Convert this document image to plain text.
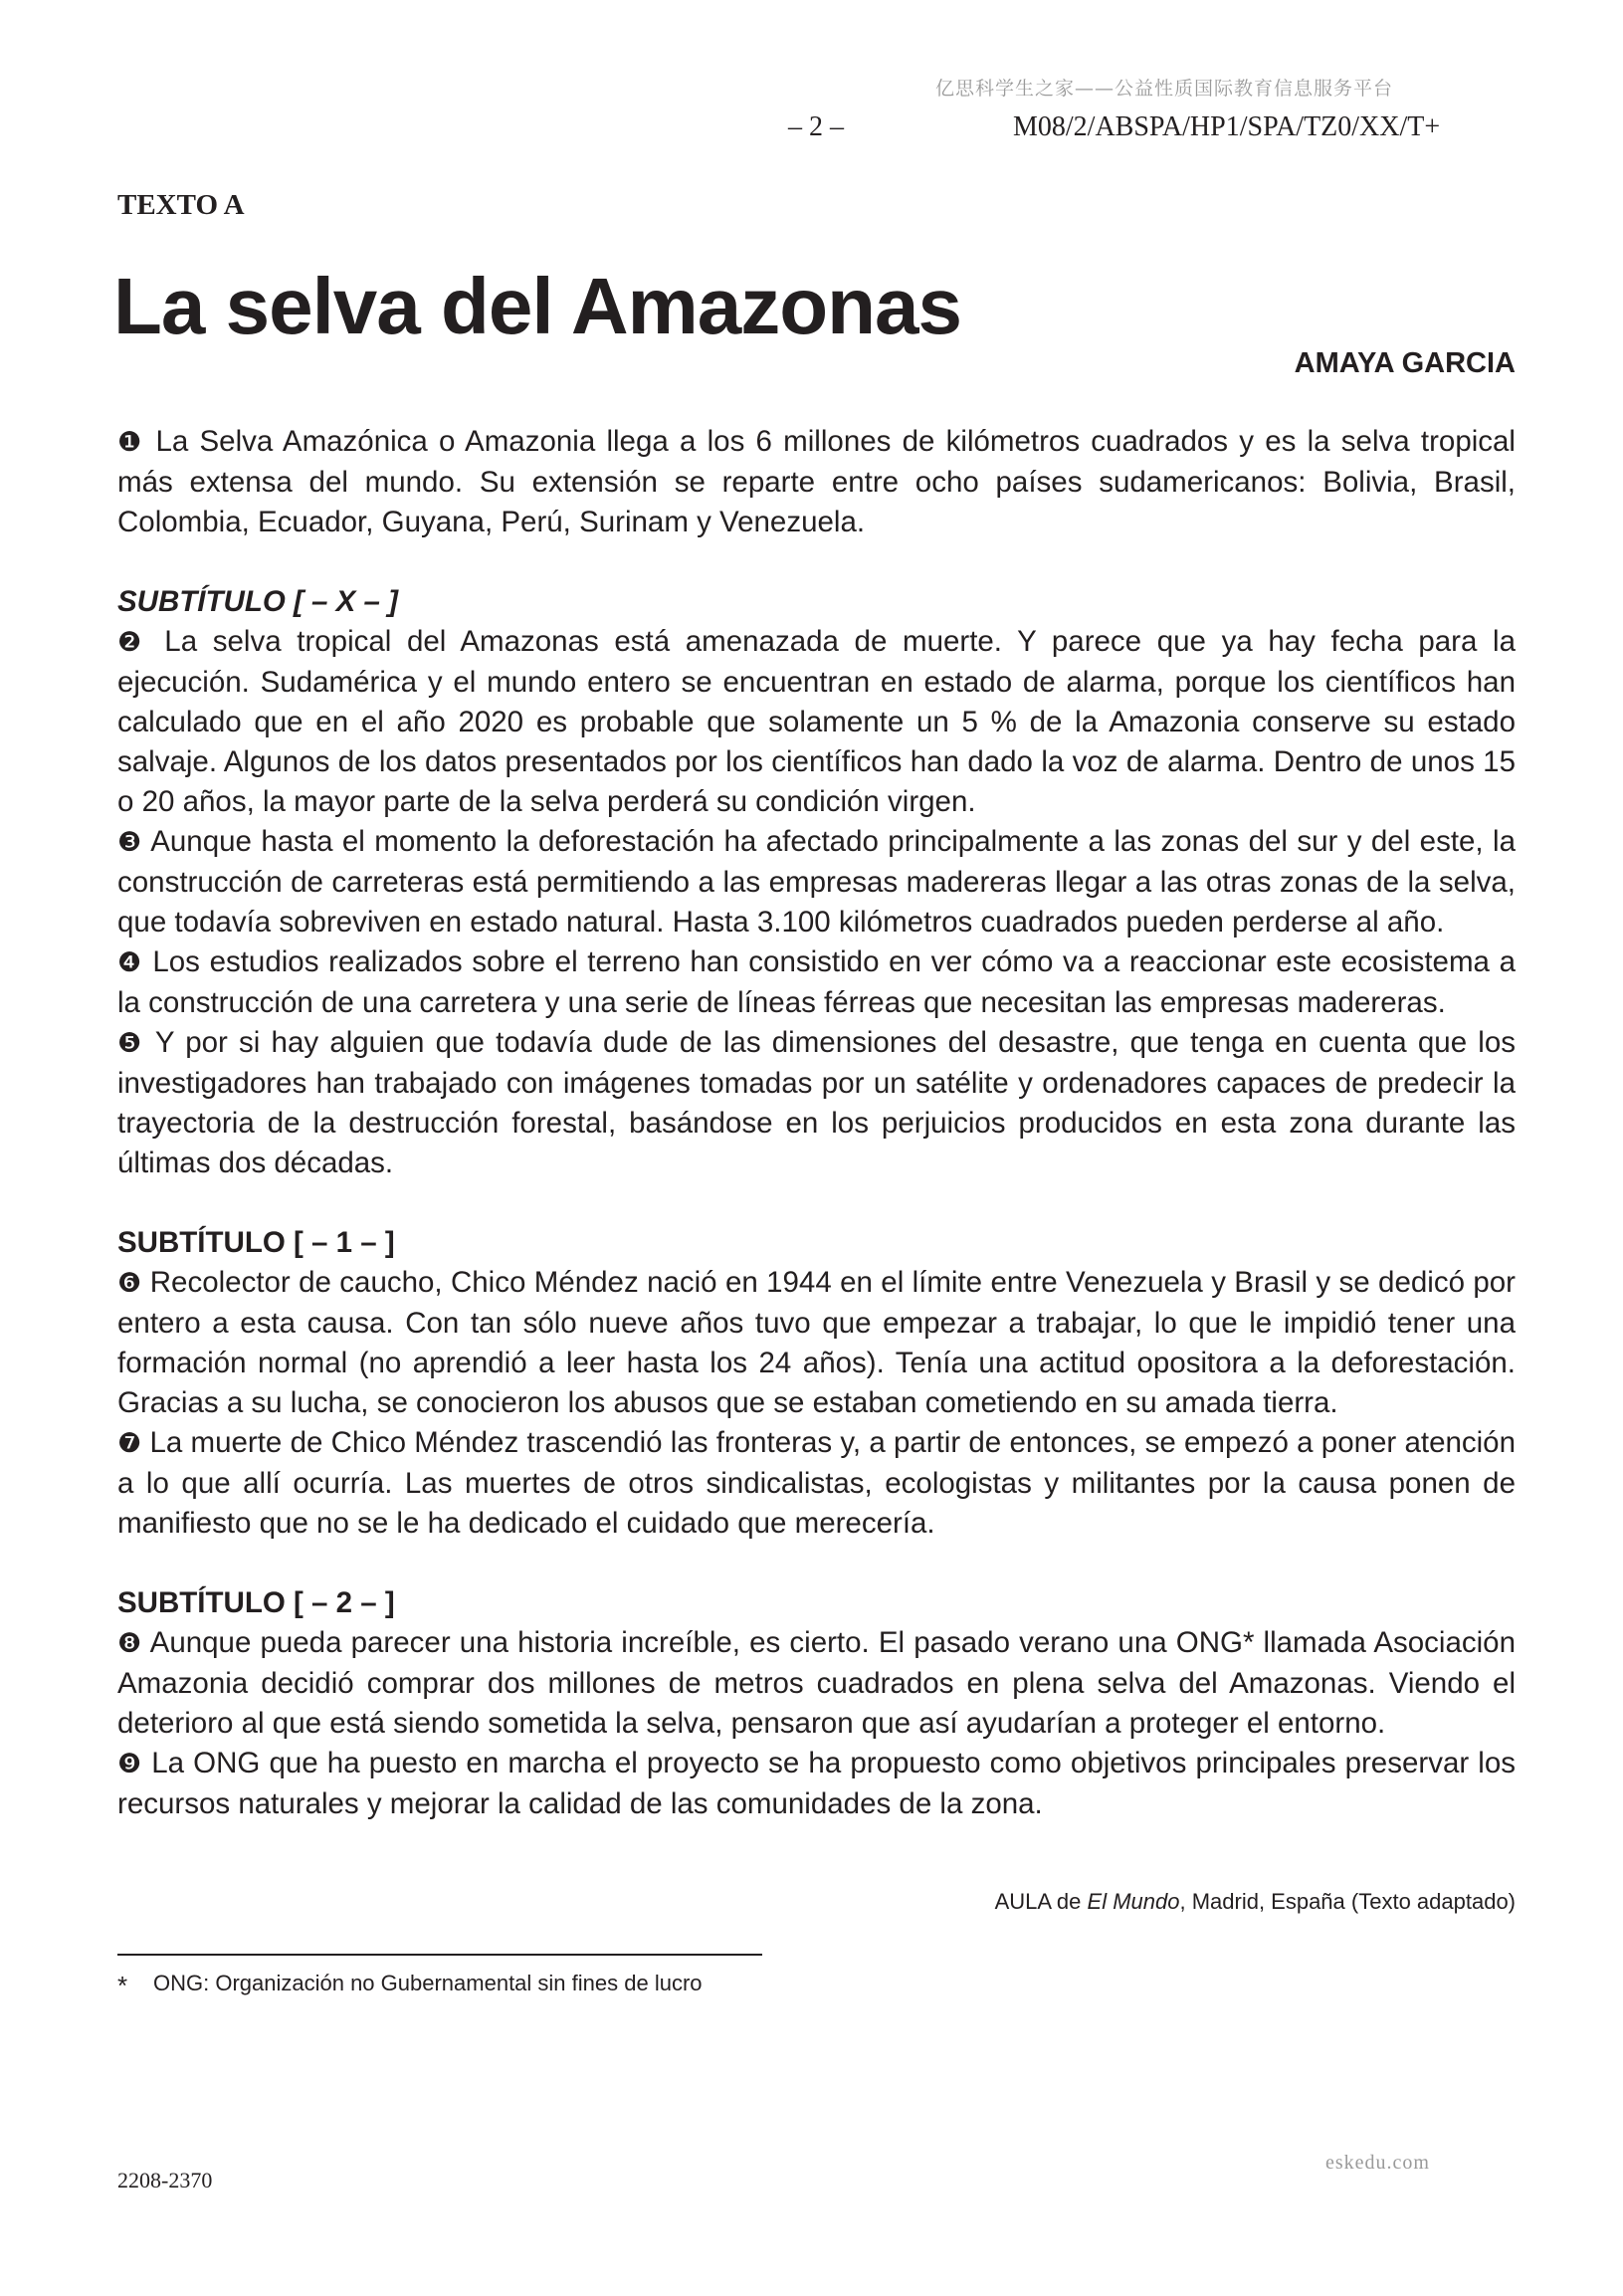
亿思科学生之家——公益性质国际教育信息服务平台
– 2 –	M08/2/ABSPA/HP1/SPA/TZ0/XX/T+
TEXTO A
La selva del Amazonas
AMAYA GARCIA

❶ La Selva Amazónica o Amazonia llega a los 6 millones de kilómetros cuadrados y es la selva tropical más extensa del mundo. Su extensión se reparte entre ocho países sudamericanos: Bolivia, Brasil, Colombia, Ecuador, Guyana, Perú, Surinam y Venezuela.

SUBTÍTULO [ – X – ]

❷ La selva tropical del Amazonas está amenazada de muerte. Y parece que ya hay fecha para la ejecución. Sudamérica y el mundo entero se encuentran en estado de alarma, porque los científicos han calculado que en el año 2020 es probable que solamente un 5 % de la Amazonia conserve su estado salvaje. Algunos de los datos presentados por los científicos han dado la voz de alarma. Dentro de unos 15 o 20 años, la mayor parte de la selva perderá su condición virgen.

❸ Aunque hasta el momento la deforestación ha afectado principalmente a las zonas del sur y del este, la construcción de carreteras está permitiendo a las empresas madereras llegar a las otras zonas de la selva, que todavía sobreviven en estado natural. Hasta 3.100 kilómetros cuadrados pueden perderse al año.

❹ Los estudios realizados sobre el terreno han consistido en ver cómo va a reaccionar este ecosistema a la construcción de una carretera y una serie de líneas férreas que necesitan las empresas madereras.

❺ Y por si hay alguien que todavía dude de las dimensiones del desastre, que tenga en cuenta que los investigadores han trabajado con imágenes tomadas por un satélite y ordenadores capaces de predecir la trayectoria de la destrucción forestal, basándose en los perjuicios producidos en esta zona durante las últimas dos décadas.

SUBTÍTULO [ – 1 – ]

❻ Recolector de caucho, Chico Méndez nació en 1944 en el límite entre Venezuela y Brasil y se dedicó por entero a esta causa. Con tan sólo nueve años tuvo que empezar a trabajar, lo que le impidió tener una formación normal (no aprendió a leer hasta los 24 años). Tenía una actitud opositora a la deforestación. Gracias a su lucha, se conocieron los abusos que se estaban cometiendo en su amada tierra.

❼ La muerte de Chico Méndez trascendió las fronteras y, a partir de entonces, se empezó a poner atención a lo que allí ocurría. Las muertes de otros sindicalistas, ecologistas y militantes por la causa ponen de manifiesto que no se le ha dedicado el cuidado que merecería.

SUBTÍTULO [ – 2 – ]

❽ Aunque pueda parecer una historia increíble, es cierto. El pasado verano una ONG* llamada Asociación Amazonia decidió comprar dos millones de metros cuadrados en plena selva del Amazonas. Viendo el deterioro al que está siendo sometida la selva, pensaron que así ayudarían a proteger el entorno.

❾ La ONG que ha puesto en marcha el proyecto se ha propuesto como objetivos principales preservar los recursos naturales y mejorar la calidad de las comunidades de la zona.

AULA de El Mundo, Madrid, España (Texto adaptado)
* ONG: Organización no Gubernamental sin fines de lucro
2208-2370
eskedu.com
